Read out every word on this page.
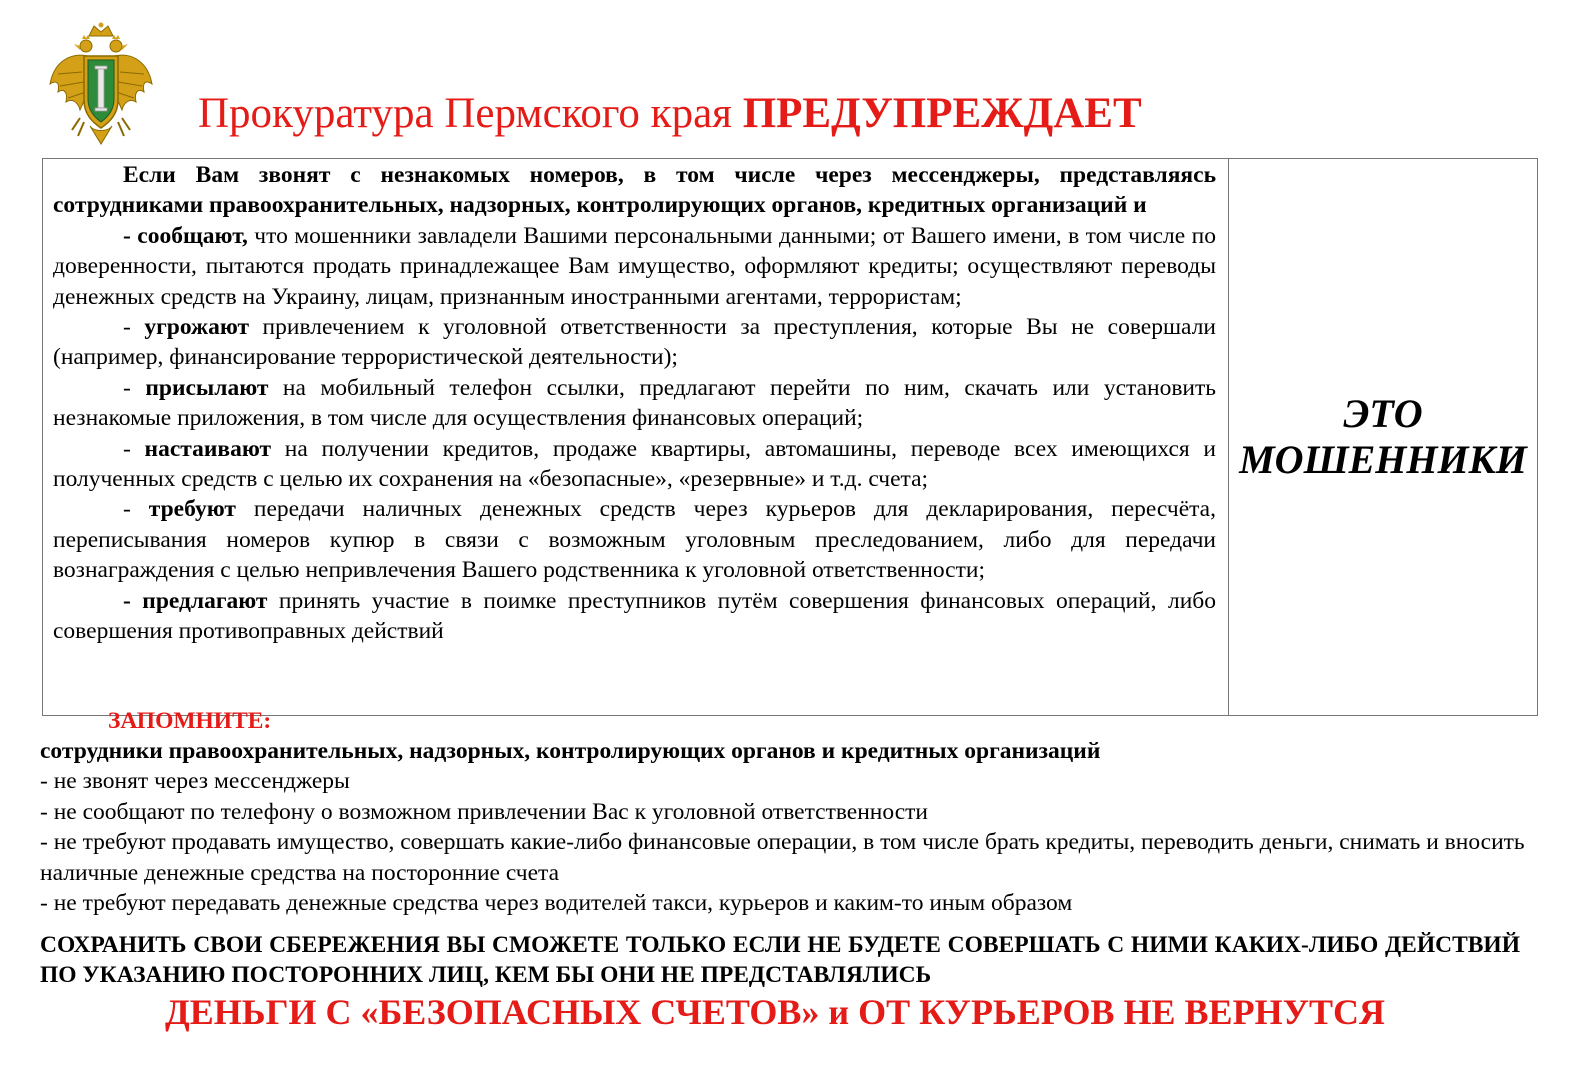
Прокуратура Пермского края ПРЕДУПРЕЖДАЕТ

Если Вам звонят с незнакомых номеров, в том числе через мессенджеры, представляясь сотрудниками правоохранительных, надзорных, контролирующих органов, кредитных организаций и

- сообщают, что мошенники завладели Вашими персональными данными; от Вашего имени, в том числе по доверенности, пытаются продать принадлежащее Вам имущество, оформляют кредиты; осуществляют переводы денежных средств на Украину, лицам, признанным иностранными агентами, террористам;

- угрожают привлечением к уголовной ответственности за преступления, которые Вы не совершали (например, финансирование террористической деятельности);

- присылают на мобильный телефон ссылки, предлагают перейти по ним, скачать или установить незнакомые приложения, в том числе для осуществления финансовых операций;

- настаивают на получении кредитов, продаже квартиры, автомашины, переводе всех имеющихся и полученных средств с целью их сохранения на «безопасные», «резервные» и т.д. счета;

- требуют передачи наличных денежных средств через курьеров для декларирования, пересчёта, переписывания номеров купюр в связи с возможным уголовным преследованием, либо для передачи вознаграждения с целью непривлечения Вашего родственника к уголовной ответственности;

- предлагают принять участие в поимке преступников путём совершения финансовых операций, либо совершения противоправных действий

ЭТО
МОШЕННИКИ
ЗАПОМНИТЕ:

сотрудники правоохранительных, надзорных, контролирующих органов и кредитных организаций

- не звонят через мессенджеры

- не сообщают по телефону о возможном привлечении Вас к уголовной ответственности

- не требуют продавать имущество, совершать какие-либо финансовые операции, в том числе брать кредиты, переводить деньги, снимать и вносить наличные денежные средства на посторонние счета

- не требуют передавать денежные средства через водителей такси, курьеров и каким-то иным образом

СОХРАНИТЬ СВОИ СБЕРЕЖЕНИЯ ВЫ СМОЖЕТЕ ТОЛЬКО ЕСЛИ НЕ БУДЕТЕ СОВЕРШАТЬ С НИМИ КАКИХ-ЛИБО ДЕЙСТВИЙ ПО УКАЗАНИЮ ПОСТОРОННИХ ЛИЦ, КЕМ БЫ ОНИ НЕ ПРЕДСТАВЛЯЛИСЬ

ДЕНЬГИ С «БЕЗОПАСНЫХ СЧЕТОВ» и ОТ КУРЬЕРОВ НЕ ВЕРНУТСЯ
